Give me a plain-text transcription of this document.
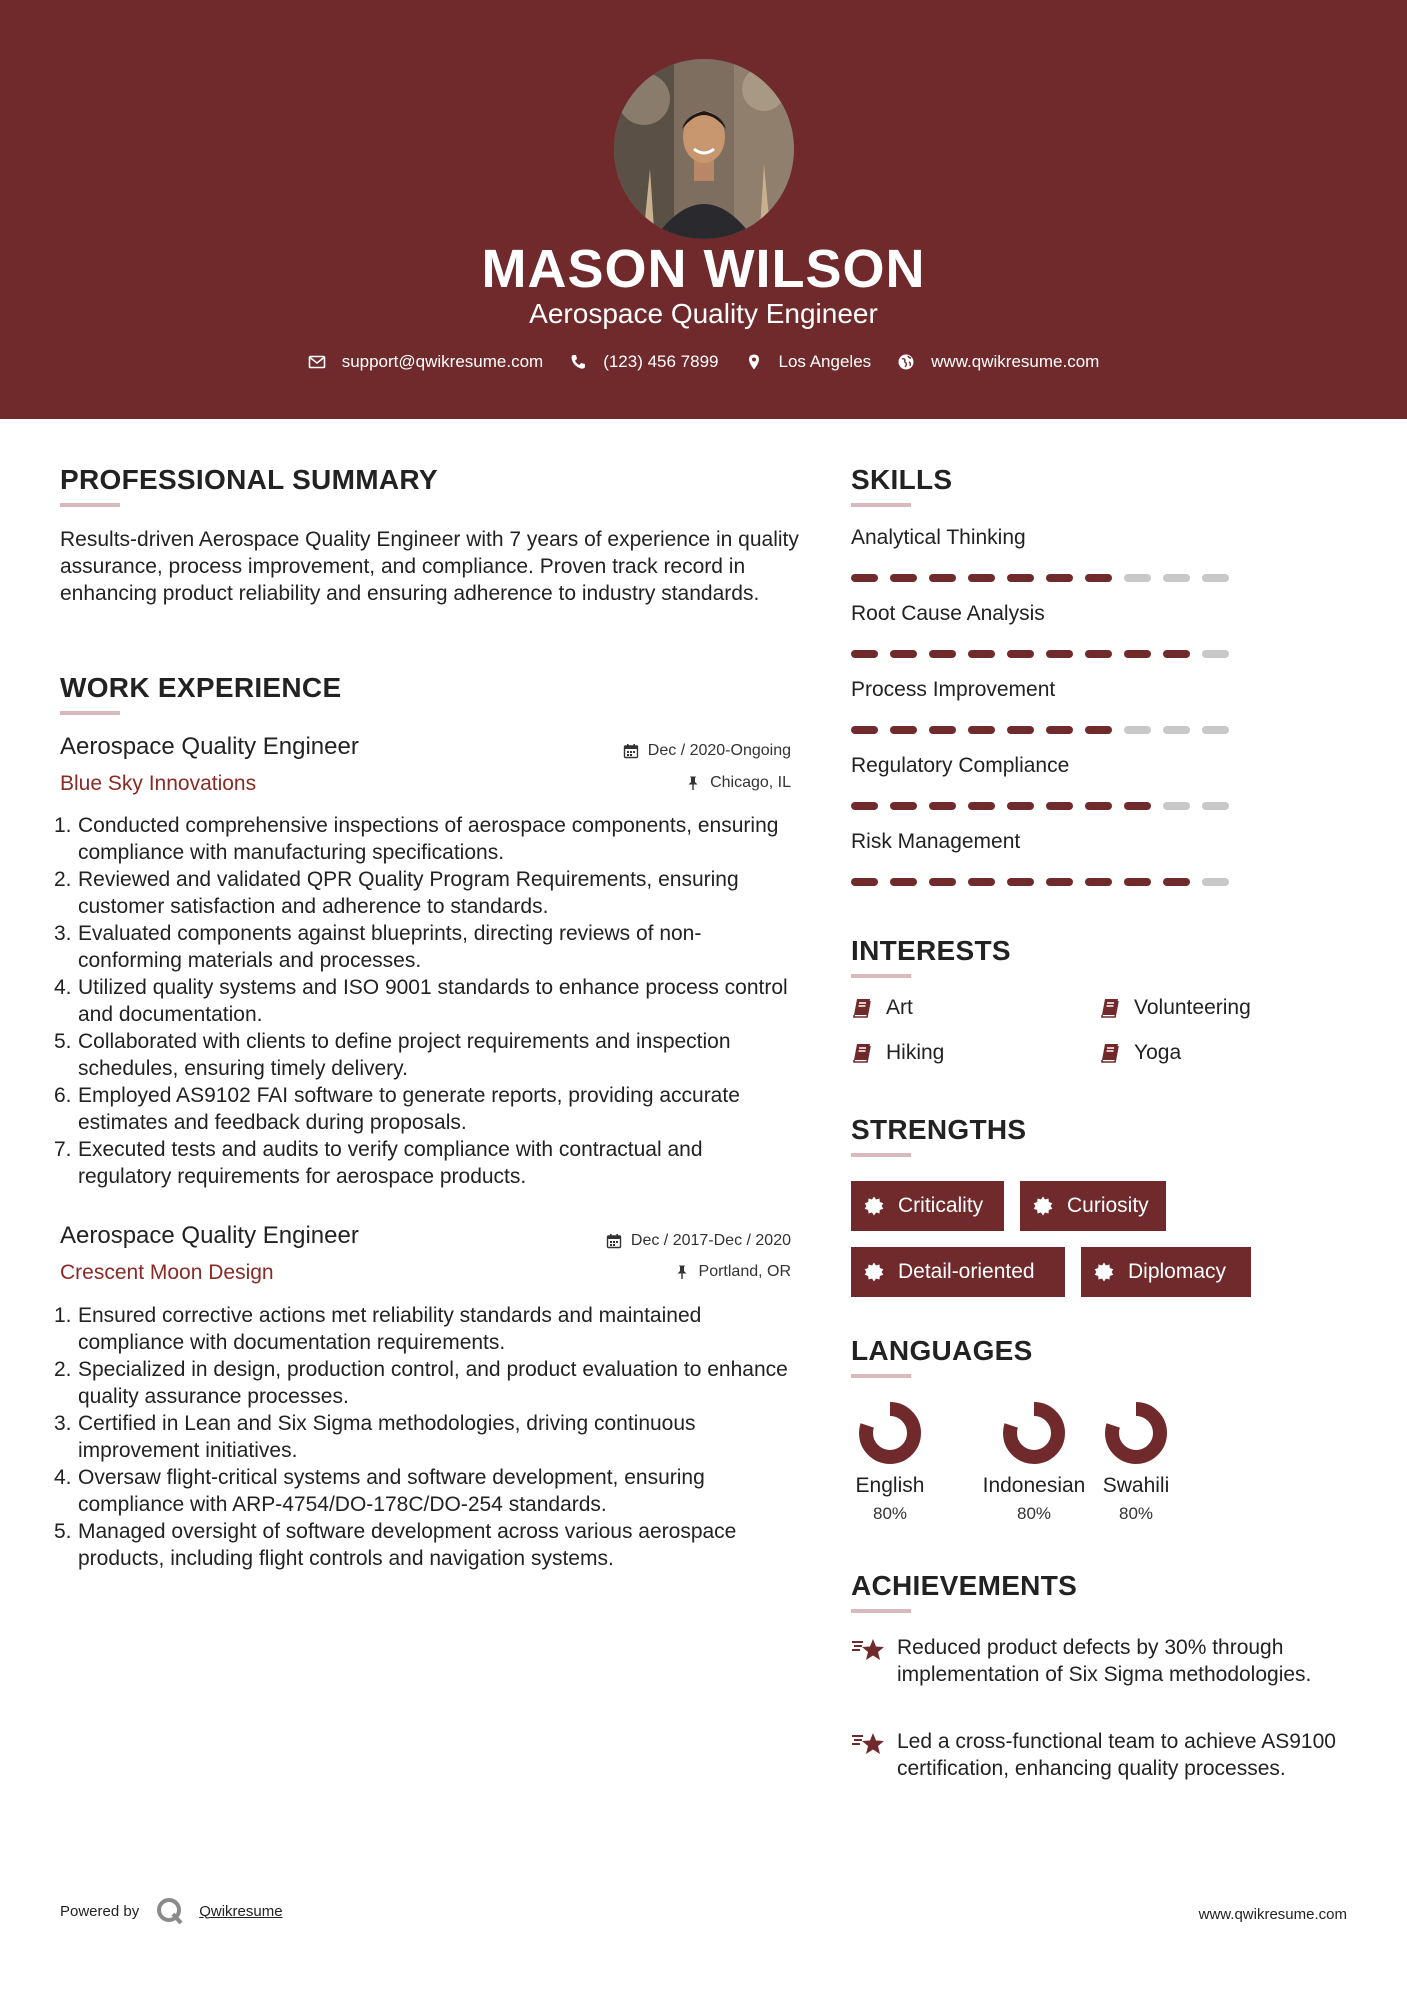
MASON WILSON
Aerospace Quality Engineer
support@qwikresume.com	(123) 456 7899	Los Angeles	www.qwikresume.com
PROFESSIONAL SUMMARY
Results-driven Aerospace Quality Engineer with 7 years of experience in quality assurance, process improvement, and compliance. Proven track record in enhancing product reliability and ensuring adherence to industry standards.
WORK EXPERIENCE
Aerospace Quality Engineer
Blue Sky Innovations
Dec / 2020-Ongoing
Chicago, IL
1. Conducted comprehensive inspections of aerospace components, ensuring compliance with manufacturing specifications.
2. Reviewed and validated QPR Quality Program Requirements, ensuring customer satisfaction and adherence to standards.
3. Evaluated components against blueprints, directing reviews of non-conforming materials and processes.
4. Utilized quality systems and ISO 9001 standards to enhance process control and documentation.
5. Collaborated with clients to define project requirements and inspection schedules, ensuring timely delivery.
6. Employed AS9102 FAI software to generate reports, providing accurate estimates and feedback during proposals.
7. Executed tests and audits to verify compliance with contractual and regulatory requirements for aerospace products.
Aerospace Quality Engineer
Crescent Moon Design
Dec / 2017-Dec / 2020
Portland, OR
1. Ensured corrective actions met reliability standards and maintained compliance with documentation requirements.
2. Specialized in design, production control, and product evaluation to enhance quality assurance processes.
3. Certified in Lean and Six Sigma methodologies, driving continuous improvement initiatives.
4. Oversaw flight-critical systems and software development, ensuring compliance with ARP-4754/DO-178C/DO-254 standards.
5. Managed oversight of software development across various aerospace products, including flight controls and navigation systems.
SKILLS
Analytical Thinking
Root Cause Analysis
Process Improvement
Regulatory Compliance
Risk Management
INTERESTS
Art	Volunteering
Hiking	Yoga
STRENGTHS
Criticality	Curiosity
Detail-oriented	Diplomacy
LANGUAGES
English
80%
Indonesian
80%
Swahili
80%
ACHIEVEMENTS
Reduced product defects by 30% through implementation of Six Sigma methodologies.
Led a cross-functional team to achieve AS9100 certification, enhancing quality processes.
Powered by	Qwikresume	www.qwikresume.com
